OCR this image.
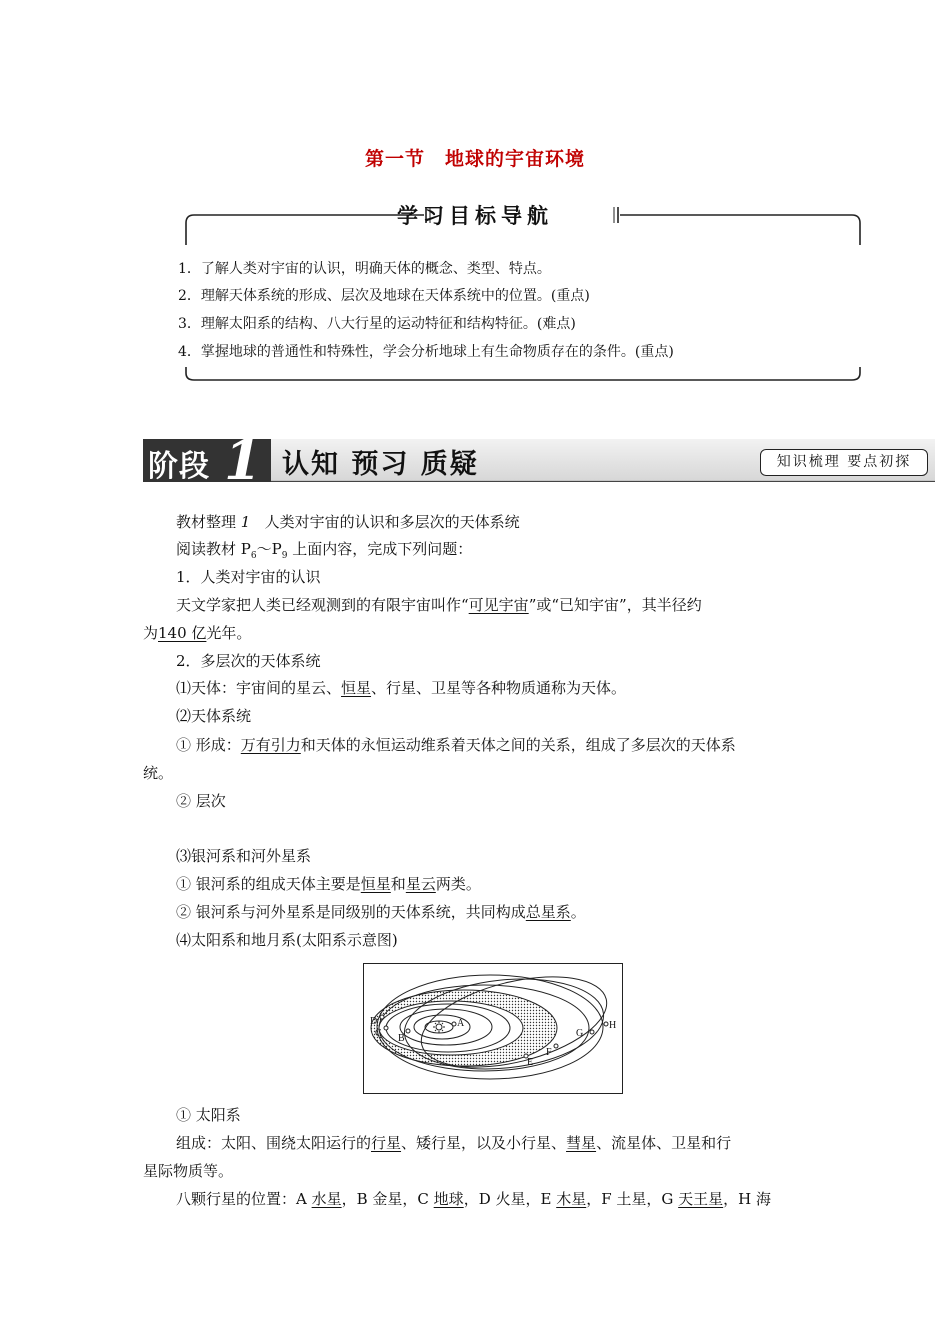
第一节　地球的宇宙环境
学习目标导航
1．了解人类对宇宙的认识，明确天体的概念、类型、特点。
2．理解天体系统的形成、层次及地球在天体系统中的位置。(重点)
3．理解太阳系的结构、八大行星的运动特征和结构特征。(难点)
4．掌握地球的普通性和特殊性，学会分析地球上有生命物质存在的条件。(重点)
阶段 1 认知 预习 质疑	知识梳理 要点初探
教材整理 1 人类对宇宙的认识和多层次的天体系统
阅读教材 $P_6\sim P_9$ 上面内容，完成下列问题：
1．人类对宇宙的认识
天文学家把人类已经观测到的有限宇宙叫作“可见宇宙”或“已知宇宙”，其半径约
为140 亿光年。
2．多层次的天体系统
⑴天体：宇宙间的星云、恒星、行星、卫星等各种物质通称为天体。
⑵天体系统
① 形成：万有引力和天体的永恒运动维系着天体之间的关系，组成了多层次的天体系
统。
② 层次
⑶银河系和河外星系
① 银河系的组成天体主要是恒星和星云两类。
② 银河系与河外星系是同级别的天体系统，共同构成总星系。
⑷太阳系和地月系(太阳系示意图)
A
B
C
D
E
F
G
H
① 太阳系
组成：太阳、围绕太阳运行的行星、矮行星，以及小行星、彗星、流星体、卫星和行
星际物质等。
八颗行星的位置：A 水星，B 金星，C 地球，D 火星，E 木星，F 土星，G 天王星，H 海
